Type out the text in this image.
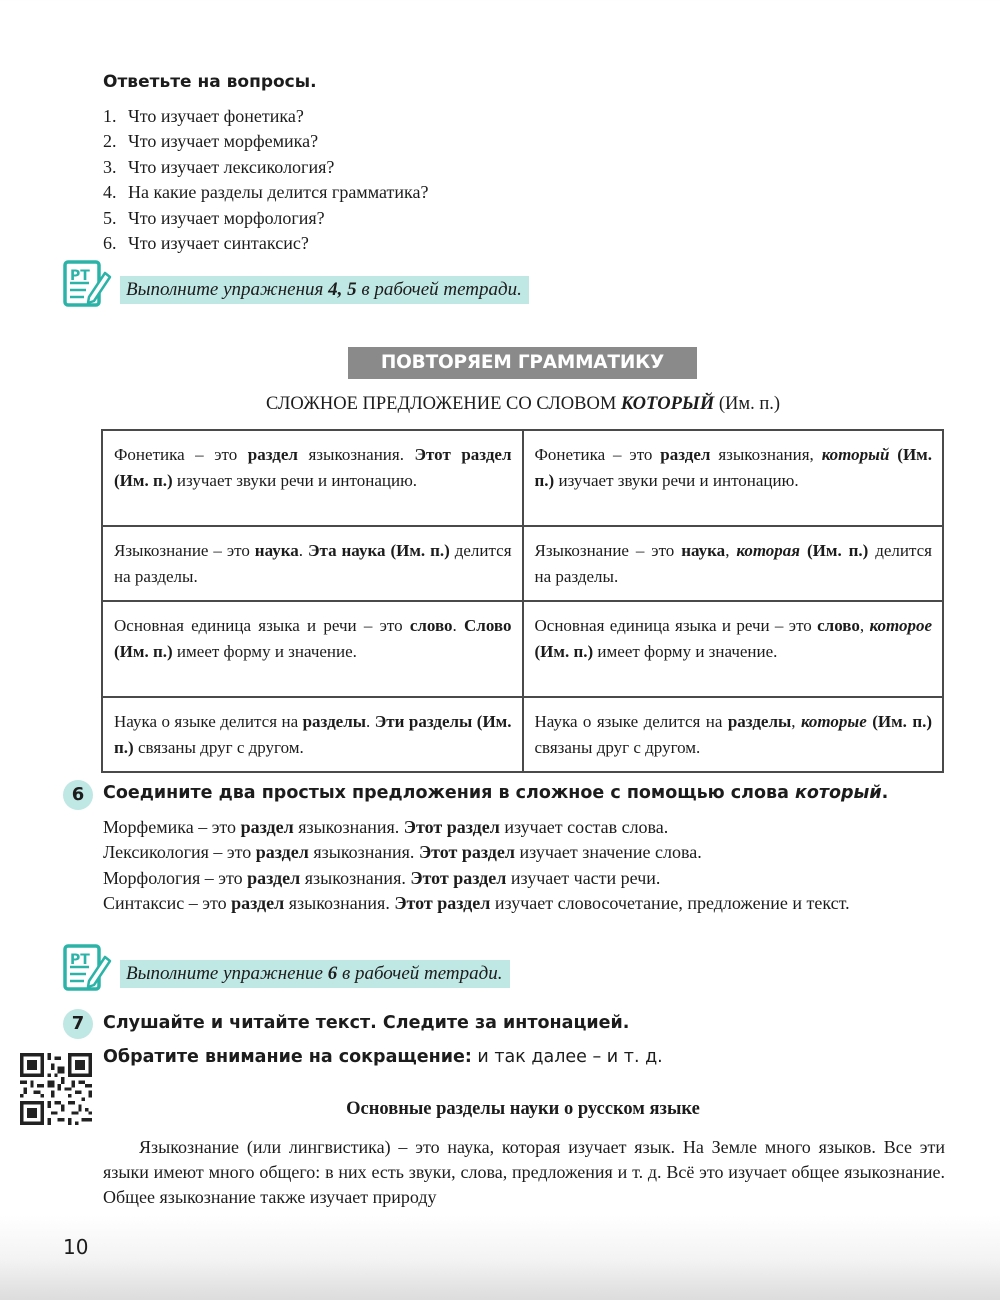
Ответьте на вопросы.
1. Что изучает фонетика?
2. Что изучает морфемика?
3. Что изучает лексикология?
4. На какие разделы делится грамматика?
5. Что изучает морфология?
6. Что изучает синтаксис?
РТ
Выполните упражнения 4, 5 в рабочей тетради.
ПОВТОРЯЕМ ГРАММАТИКУ
СЛОЖНОЕ ПРЕДЛОЖЕНИЕ СО СЛОВОМ КОТОРЫЙ (Им. п.)
Фонетика – это раздел языкознания. Этот раздел (Им. п.) изучает звуки речи и интонацию.	Фонетика – это раздел языкознания, который (Им. п.) изучает звуки речи и интонацию.
Языкознание – это наука. Эта наука (Им. п.) делится на разделы.	Языкознание – это наука, которая (Им. п.) делится на разделы.
Основная единица языка и речи – это слово. Слово (Им. п.) имеет форму и значение.	Основная единица языка и речи – это слово, которое (Им. п.) имеет форму и значение.
Наука о языке делится на разделы. Эти разделы (Им. п.) связаны друг с другом.	Наука о языке делится на разделы, которые (Им. п.) связаны друг с другом.
6	Соедините два простых предложения в сложное с помощью слова который.
Морфемика – это раздел языкознания. Этот раздел изучает состав слова.
Лексикология – это раздел языкознания. Этот раздел изучает значение слова.
Морфология – это раздел языкознания. Этот раздел изучает части речи.
Синтаксис – это раздел языкознания. Этот раздел изучает словосочетание, предложение и текст.
РТ
Выполните упражнение 6 в рабочей тетради.
7	Слушайте и читайте текст. Следите за интонацией.
Обратите внимание на сокращение: и так далее – и т. д.
Основные разделы науки о русском языке
Языкознание (или лингвистика) – это наука, которая изучает язык. На Земле много языков. Все эти языки имеют много общего: в них есть звуки, слова, предложения и т. д. Всё это изучает общее языкознание. Общее языкознание также изучает природу
10
